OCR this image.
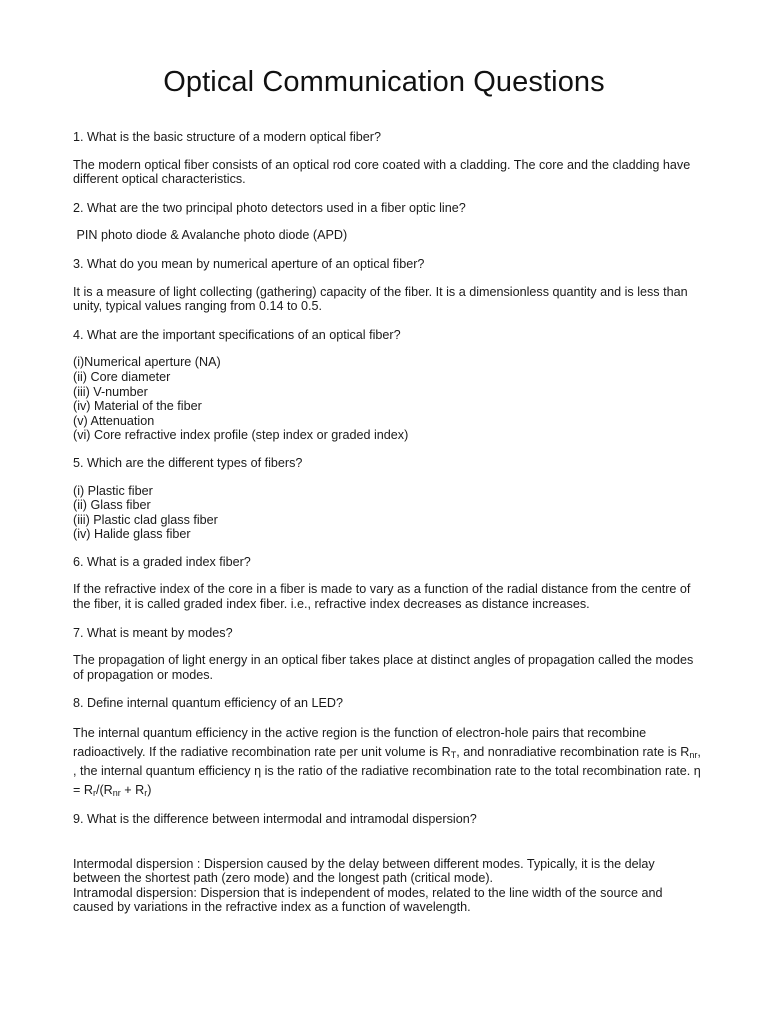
Optical Communication Questions
1. What is the basic structure of a modern optical fiber?
The modern optical fiber consists of an optical rod core coated with a cladding. The core and the cladding have different optical characteristics.
2. What are the two principal photo detectors used in a fiber optic line?
PIN photo diode & Avalanche photo diode (APD)
3. What do you mean by numerical aperture of an optical fiber?
It is a measure of light collecting (gathering) capacity of the fiber. It is a dimensionless quantity and is less than unity, typical values ranging from 0.14 to 0.5.
4. What are the important specifications of an optical fiber?
(i)Numerical aperture (NA)
(ii) Core diameter
(iii) V-number
(iv) Material of the fiber
(v) Attenuation
(vi) Core refractive index profile (step index or graded index)
5. Which are the different types of fibers?
(i) Plastic fiber
(ii) Glass fiber
(iii) Plastic clad glass fiber
(iv) Halide glass fiber
6. What is a graded index fiber?
If the refractive index of the core in a fiber is made to vary as a function of the radial distance from the centre of the fiber, it is called graded index fiber. i.e., refractive index decreases as distance increases.
7. What is meant by modes?
The propagation of light energy in an optical fiber takes place at distinct angles of propagation called the modes of propagation or modes.
8. Define internal quantum efficiency of an LED?
The internal quantum efficiency in the active region is the function of electron-hole pairs that recombine radioactively. If the radiative recombination rate per unit volume is $R_T$, and nonradiative recombination rate is $R_{nr}$, , the internal quantum efficiency η is the ratio of the radiative recombination rate to the total recombination rate. $\eta = R_r/(R_{nr} + R_r)$
9. What is the difference between intermodal and intramodal dispersion?
Intermodal dispersion : Dispersion caused by the delay between different modes. Typically, it is the delay between the shortest path (zero mode) and the longest path (critical mode).
Intramodal dispersion: Dispersion that is independent of modes, related to the line width of the source and caused by variations in the refractive index as a function of wavelength.
